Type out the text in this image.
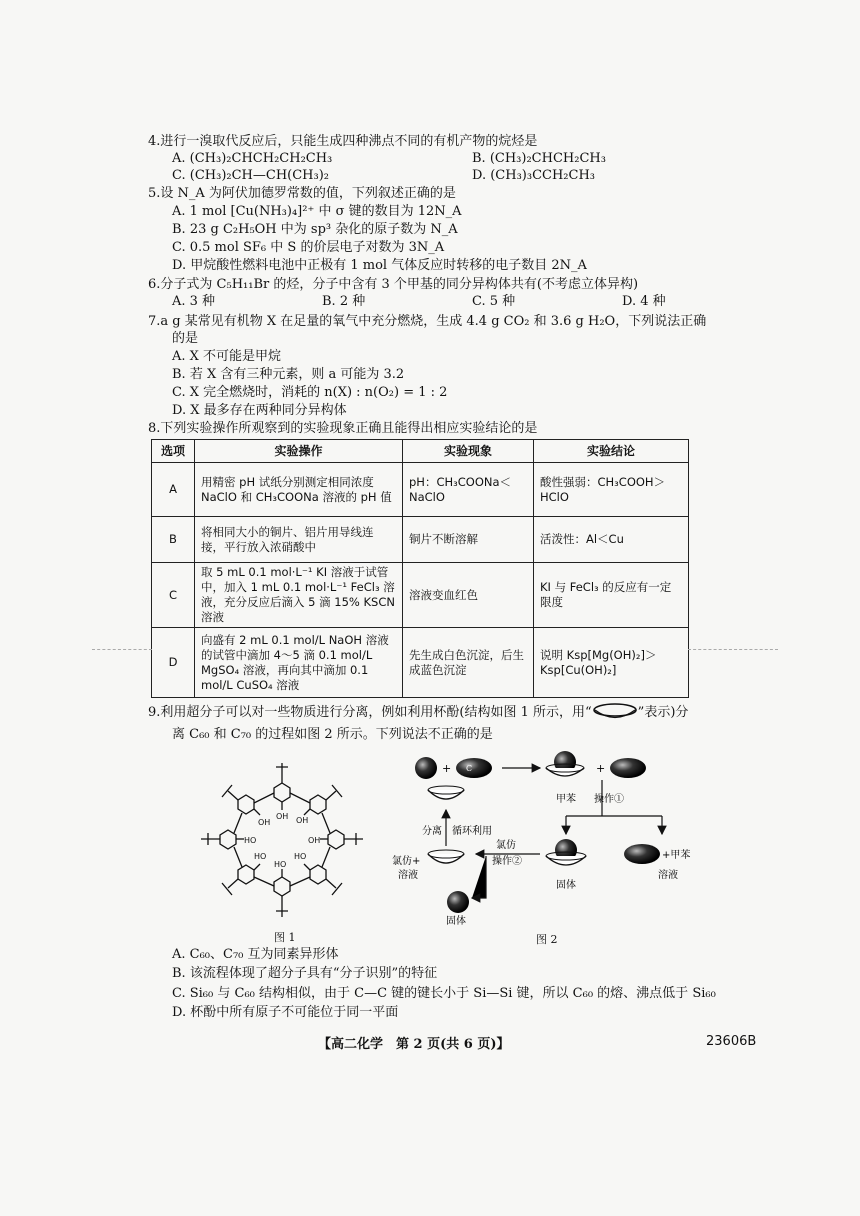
4.进行一溴取代反应后，只能生成四种沸点不同的有机产物的烷烃是
A. (CH₃)₂CHCH₂CH₂CH₃	B. (CH₃)₂CHCH₂CH₃
C. (CH₃)₂CH—CH(CH₃)₂	D. (CH₃)₃CCH₂CH₃
5.设 N_A 为阿伏加德罗常数的值，下列叙述正确的是
A. 1 mol [Cu(NH₃)₄]²⁺ 中 σ 键的数目为 12N_A
B. 23 g C₂H₅OH 中为 sp³ 杂化的原子数为 N_A
C. 0.5 mol SF₆ 中 S 的价层电子对数为 3N_A
D. 甲烷酸性燃料电池中正极有 1 mol 气体反应时转移的电子数目 2N_A
6.分子式为 C₅H₁₁Br 的烃，分子中含有 3 个甲基的同分异构体共有(不考虑立体异构)
A. 3 种	B. 2 种	C. 5 种	D. 4 种
7.a g 某常见有机物 X 在足量的氧气中充分燃烧，生成 4.4 g CO₂ 和 3.6 g H₂O，下列说法正确
的是
A. X 不可能是甲烷
B. 若 X 含有三种元素，则 a 可能为 3.2
C. X 完全燃烧时，消耗的 n(X) : n(O₂) = 1 : 2
D. X 最多存在两种同分异构体
8.下列实验操作所观察到的实验现象正确且能得出相应实验结论的是
选项	实验操作	实验现象	实验结论
A	用精密 pH 试纸分别测定相同浓度 NaClO 和 CH₃COONa 溶液的 pH 值	pH：CH₃COONa＜NaClO	酸性强弱：CH₃COOH＞HClO
B	将相同大小的铜片、铝片用导线连接，平行放入浓硝酸中	铜片不断溶解	活泼性：Al＜Cu
C	取 5 mL 0.1 mol·L⁻¹ KI 溶液于试管中，加入 1 mL 0.1 mol·L⁻¹ FeCl₃ 溶液，充分反应后滴入 5 滴 15% KSCN 溶液	溶液变血红色	KI 与 FeCl₃ 的反应有一定限度
D	向盛有 2 mL 0.1 mol/L NaOH 溶液的试管中滴加 4～5 滴 0.1 mol/L MgSO₄ 溶液，再向其中滴加 0.1 mol/L CuSO₄ 溶液	先生成白色沉淀，后生成蓝色沉淀	说明 Ksp[Mg(OH)₂]＞Ksp[Cu(OH)₂]
9.利用超分子可以对一些物质进行分离，例如利用杯酚(结构如图 1 所示，用“	”表示)分
离 C₆₀ 和 C₇₀ 的过程如图 2 所示。下列说法不正确的是
OH OH
OH
OH
HO
HO
HO
HO
图 1
+ C	+
甲苯 操作①
分离 循环利用
氯仿+
溶液
氯仿
操作②
固体
+甲苯
溶液
固体
图 2
A. C₆₀、C₇₀ 互为同素异形体
B. 该流程体现了超分子具有“分子识别”的特征
C. Si₆₀ 与 C₆₀ 结构相似，由于 C—C 键的键长小于 Si—Si 键，所以 C₆₀ 的熔、沸点低于 Si₆₀
D. 杯酚中所有原子不可能位于同一平面
【高二化学　第 2 页(共 6 页)】	23606B
